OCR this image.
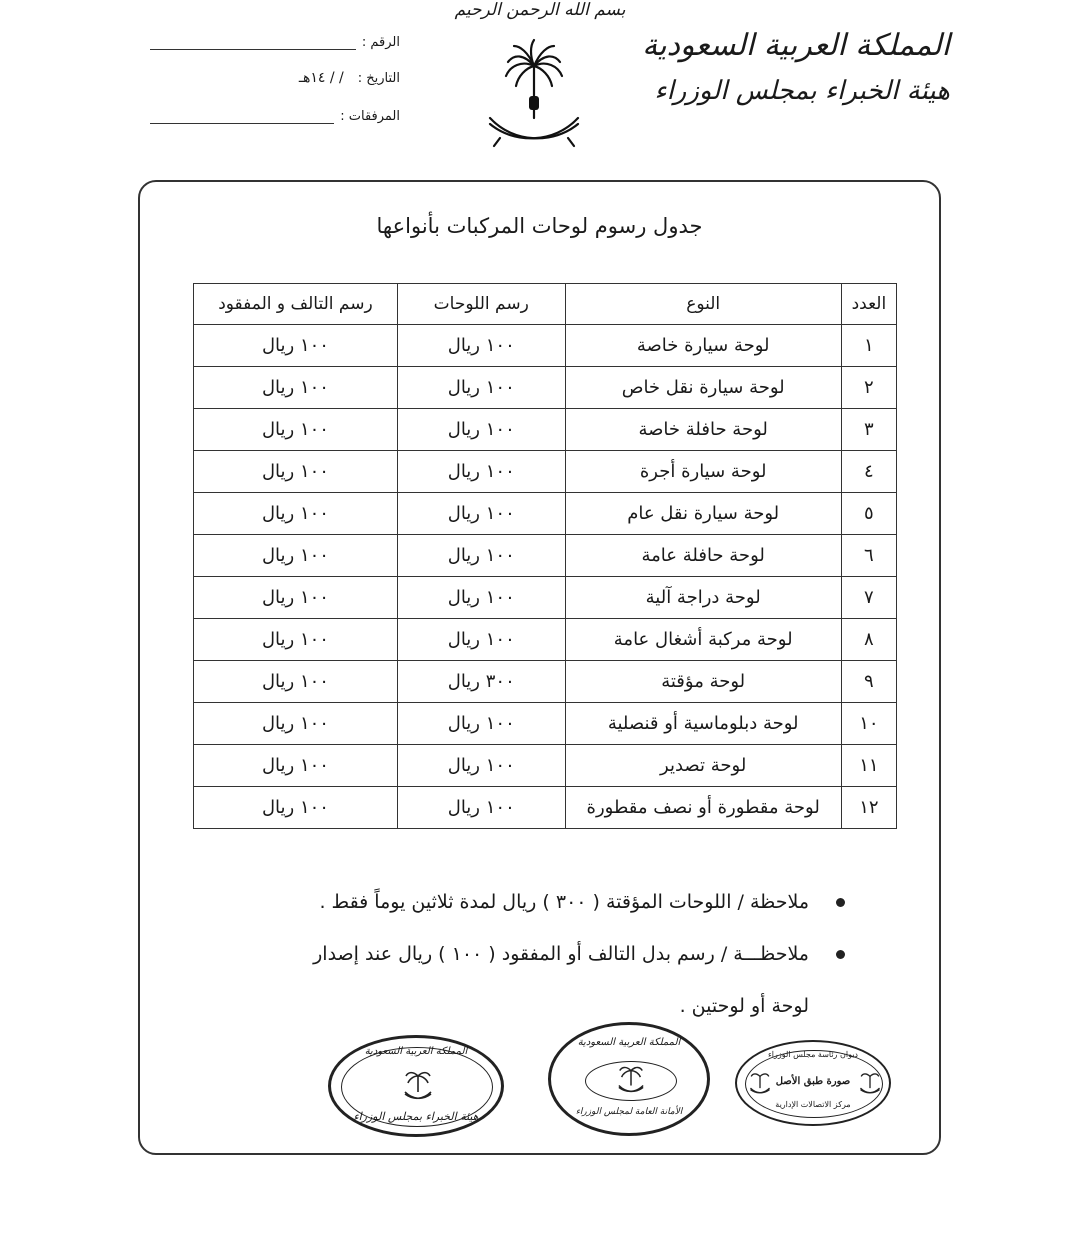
بسم الله الرحمن الرحيم
المملكة العربية السعودية
هيئة الخبراء بمجلس الوزراء
الرقم :
التاريخ :
/ / ١٤هـ
المرفقات :
جدول رسوم لوحات المركبات بأنواعها
العدد	النوع	رسم اللوحات	رسم التالف و المفقود
١	لوحة سيارة خاصة	١٠٠ ريال	١٠٠ ريال
٢	لوحة سيارة نقل خاص	١٠٠ ريال	١٠٠ ريال
٣	لوحة حافلة خاصة	١٠٠ ريال	١٠٠ ريال
٤	لوحة سيارة أجرة	١٠٠ ريال	١٠٠ ريال
٥	لوحة سيارة نقل عام	١٠٠ ريال	١٠٠ ريال
٦	لوحة حافلة عامة	١٠٠ ريال	١٠٠ ريال
٧	لوحة دراجة آلية	١٠٠ ريال	١٠٠ ريال
٨	لوحة مركبة أشغال عامة	١٠٠ ريال	١٠٠ ريال
٩	لوحة مؤقتة	٣٠٠ ريال	١٠٠ ريال
١٠	لوحة دبلوماسية أو قنصلية	١٠٠ ريال	١٠٠ ريال
١١	لوحة تصدير	١٠٠ ريال	١٠٠ ريال
١٢	لوحة مقطورة أو نصف مقطورة	١٠٠ ريال	١٠٠ ريال
ملاحظة / اللوحات المؤقتة ( ٣٠٠ ) ريال لمدة ثلاثين يوماً فقط .
ملاحظـــة / رسم بدل التالف أو المفقود ( ١٠٠ ) ريال عند إصدار
لوحة أو لوحتين .
المملكة العربية السعودية
هيئة الخبراء بمجلس الوزراء
المملكة العربية السعودية
الأمانة العامة لمجلس الوزراء
ديوان رئاسة مجلس الوزراء
صورة طبق الأصل
مركز الاتصالات الإدارية
